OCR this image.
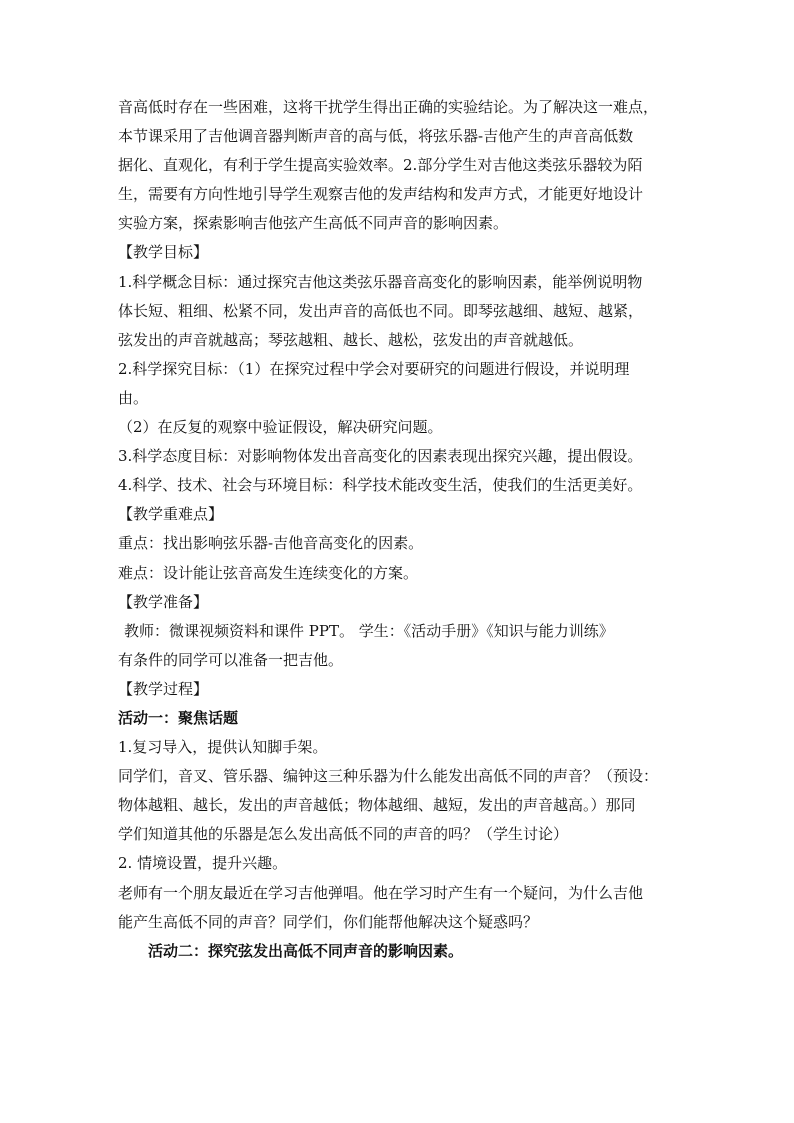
音高低时存在一些困难，这将干扰学生得出正确的实验结论。为了解决这一难点，
本节课采用了吉他调音器判断声音的高与低，将弦乐器-吉他产生的声音高低数
据化、直观化，有利于学生提高实验效率。2.部分学生对吉他这类弦乐器较为陌
生，需要有方向性地引导学生观察吉他的发声结构和发声方式，才能更好地设计
实验方案，探索影响吉他弦产生高低不同声音的影响因素。
【教学目标】
1.科学概念目标：通过探究吉他这类弦乐器音高变化的影响因素，能举例说明物
体长短、粗细、松紧不同，发出声音的高低也不同。即琴弦越细、越短、越紧，
弦发出的声音就越高；琴弦越粗、越长、越松，弦发出的声音就越低。
2.科学探究目标：（1）在探究过程中学会对要研究的问题进行假设，并说明理
由。
（2）在反复的观察中验证假设，解决研究问题。
3.科学态度目标：对影响物体发出音高变化的因素表现出探究兴趣，提出假设。
4.科学、技术、社会与环境目标：科学技术能改变生活，使我们的生活更美好。
【教学重难点】
重点：找出影响弦乐器-吉他音高变化的因素。
难点：设计能让弦音高发生连续变化的方案。
【教学准备】
教师：微课视频资料和课件 PPT。 学生：《活动手册》《知识与能力训练》
有条件的同学可以准备一把吉他。
【教学过程】
活动一：聚焦话题
1.复习导入，提供认知脚手架。
同学们，音叉、管乐器、编钟这三种乐器为什么能发出高低不同的声音？（预设：
物体越粗、越长，发出的声音越低；物体越细、越短，发出的声音越高。）那同
学们知道其他的乐器是怎么发出高低不同的声音的吗？（学生讨论）
2. 情境设置，提升兴趣。
老师有一个朋友最近在学习吉他弹唱。他在学习时产生有一个疑问，为什么吉他
能产生高低不同的声音？同学们，你们能帮他解决这个疑惑吗？
活动二：探究弦发出高低不同声音的影响因素。
